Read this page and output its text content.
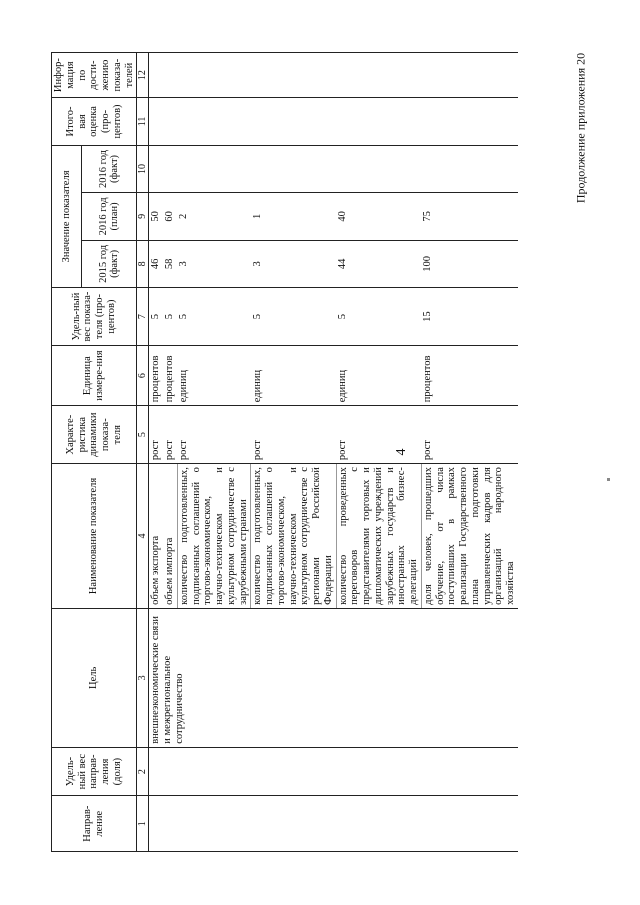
4
Продолжение приложения 20
Направ-ление	Удель-ный вес направ-ления (доля)	Цель	Наименование показателя	Характе-ристика динамики показа-теля	Единица измере-ния	Удель-ный вес показа-теля (про-центов)	Значение показателя			Итого-вая оценка (про-центов)	Инфор-мация по дости-жению показа-телей
							2015 год (факт)	2016 год (план)	2016 год (факт)		
1	2	3	4	5	6	7	8	9	10	11	12
		внешнеэкономические связи и межрегиональное сотрудничество	объем экспорта	рост	процентов	5	46	50			
			объем импорта	рост	процентов	5	58	60			
			количество подготовленных, подписанных соглашений о торгово-экономическом, научно-техническом и культурном сотрудничестве с зарубежными странами	рост	единиц	5	3	2			
			количество подготовленных, подписанных соглашений о торгово-экономическом, научно-техническом и культурном сотрудничестве с регионами Российской Федерации	рост	единиц	5	3	1			
			количество проведенных переговоров с представителями торговых и дипломатических учреждений зарубежных государств и иностранных бизнес-делегаций	рост	единиц	5	44	40			
			доля человек, прошедших обучение, от числа поступивших в рамках реализации Государственного плана подготовки управленческих кадров для организаций народного хозяйства	рост	процентов	15	100	75			
